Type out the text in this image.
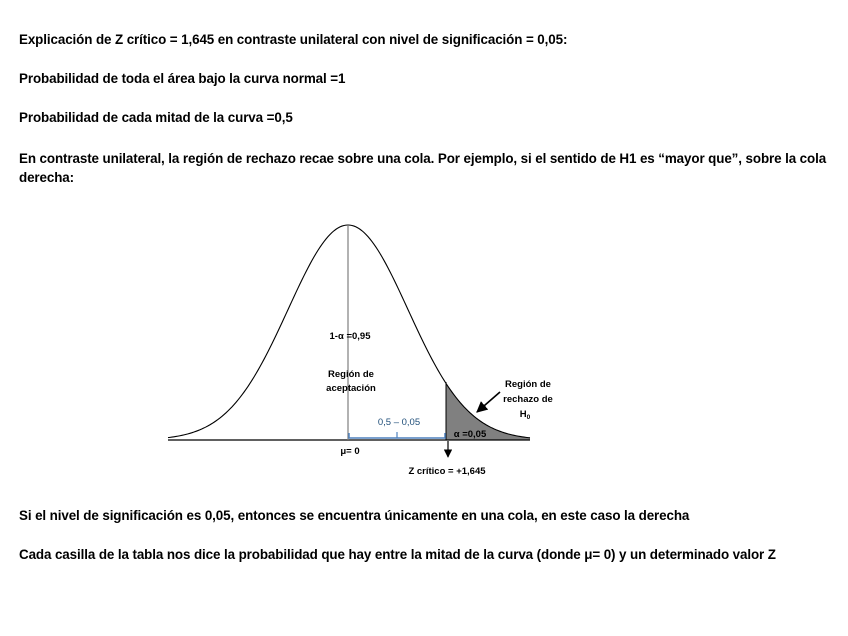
Explicación de Z crítico = 1,645 en contraste unilateral con nivel de significación = 0,05:
Probabilidad de toda el área bajo la curva normal =1
Probabilidad de cada mitad de la curva =0,5
En contraste unilateral, la región de rechazo recae sobre una cola. Por ejemplo, si el sentido de H1 es “mayor que”, sobre la cola derecha:
1-α =0,95
Región de
aceptación	Región de
rechazo de
$H_0$
0,5 – 0,05
α =0,05
μ= 0
Z crítico = +1,645
Si el nivel de significación es 0,05, entonces se encuentra únicamente en una cola, en este caso la derecha
Cada casilla de la tabla nos dice la probabilidad que hay entre la mitad de la curva (donde μ= 0) y un determinado valor Z
